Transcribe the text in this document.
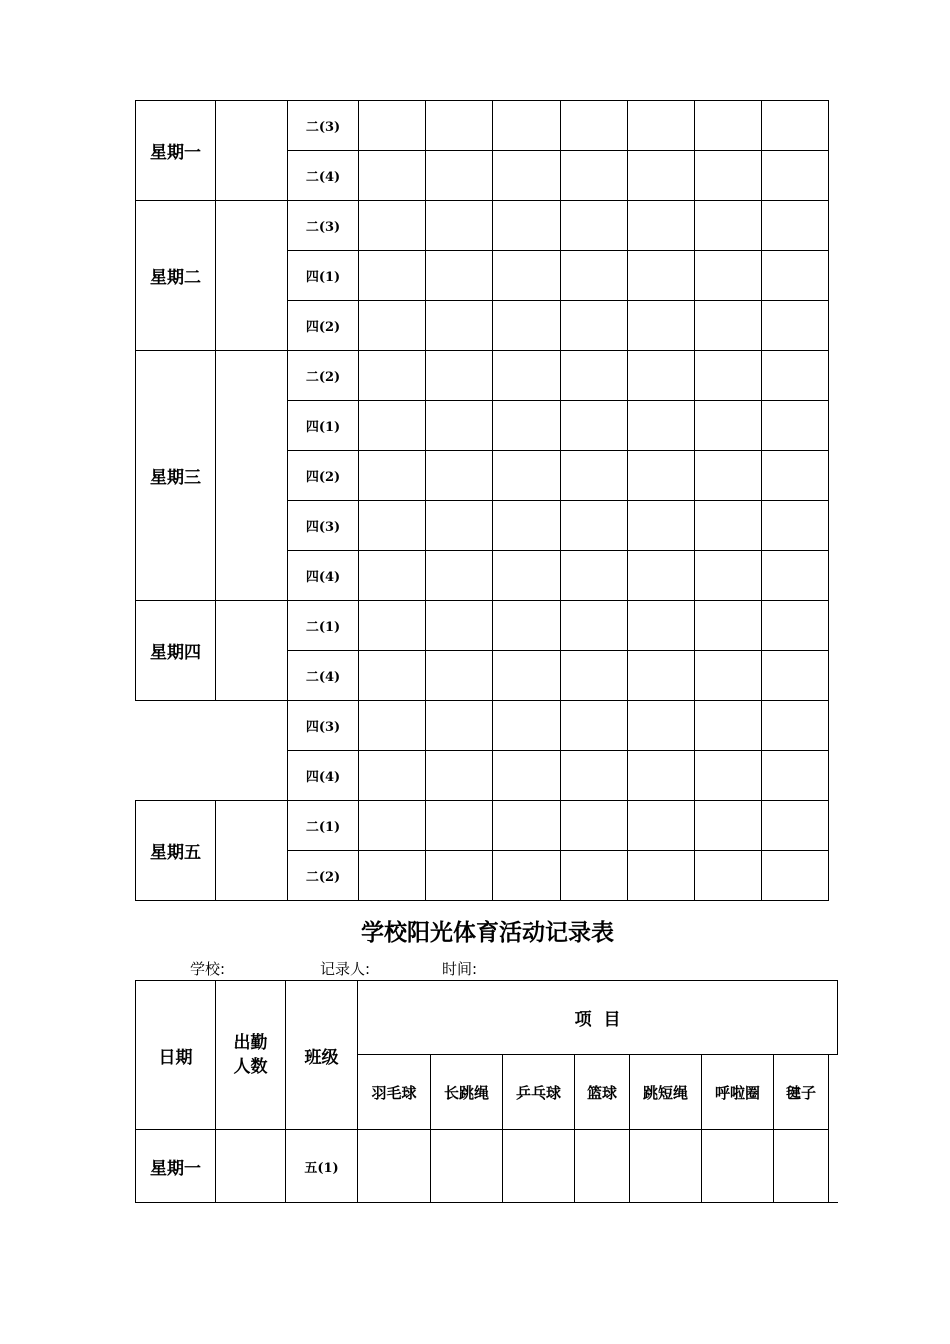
星期一		二(3)							
		二(4)							
星期二		二(3)							
		四(1)							
		四(2)							
星期三		二(2)							
		四(1)							
		四(2)							
		四(3)							
		四(4)							
星期四		二(1)							
		二(4)							
		四(3)							
		四(4)							
星期五		二(1)							
		二(2)							
学校阳光体育活动记录表
学校:	记录人:	时间:
日期	出勤人数	班级	项  目							
			羽毛球	长跳绳	乒乓球	篮球	跳短绳	呼啦圈	毽子	
星期一		五(1)								
